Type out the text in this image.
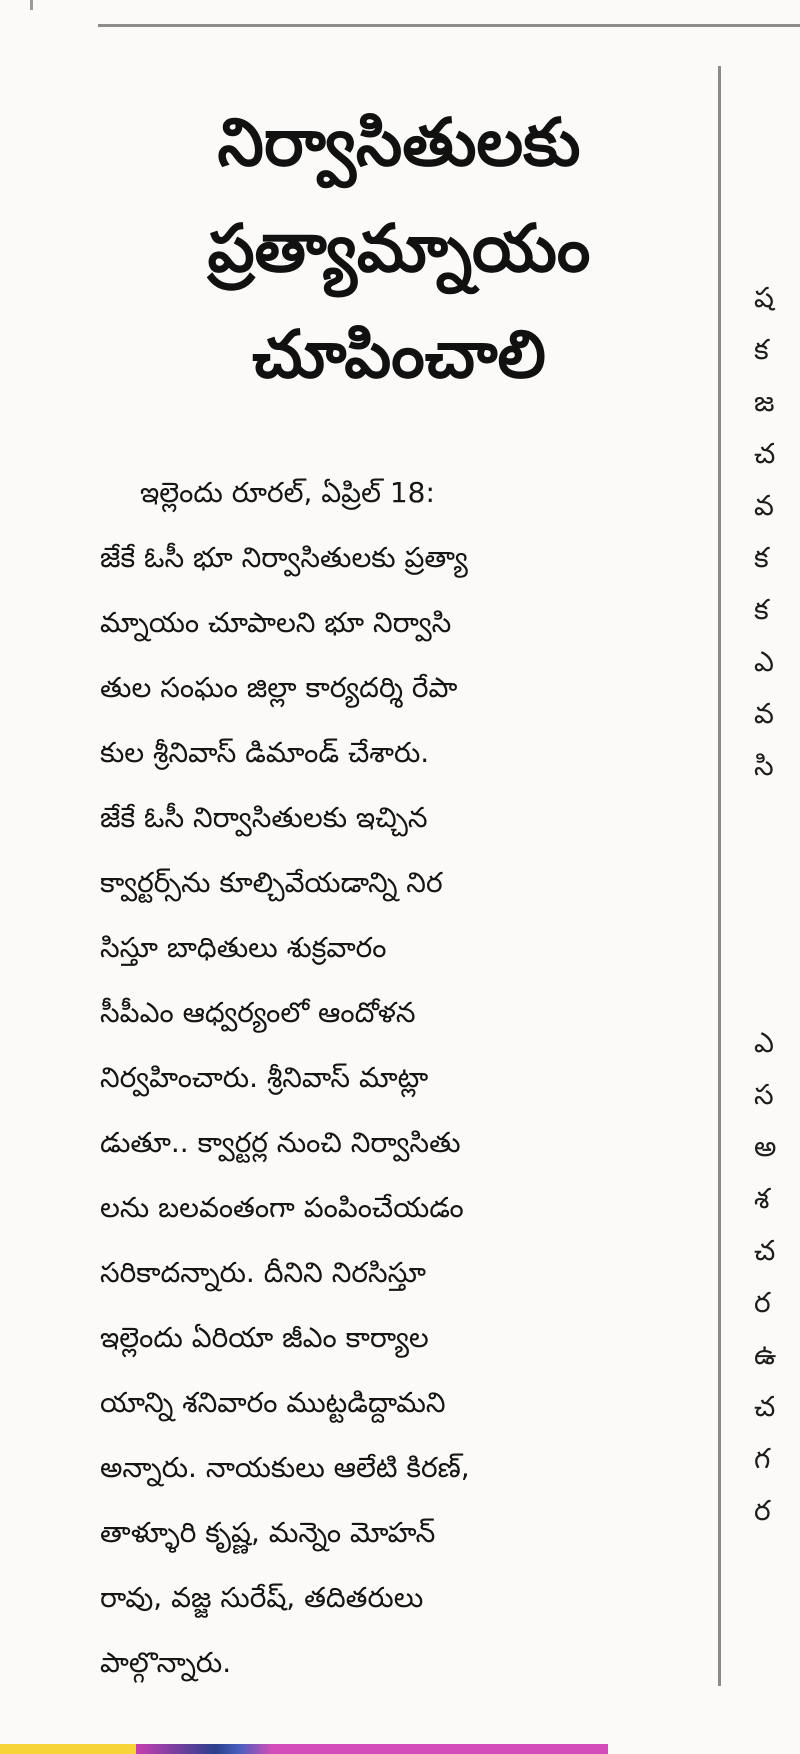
నిర్వాసితులకు
ప్రత్యామ్నాయం
చూపించాలి
ఇల్లెందు రూరల్, ఏప్రిల్ 18:
జేకే ఓసీ భూ నిర్వాసితులకు ప్రత్యా
మ్నాయం చూపాలని భూ నిర్వాసి
తుల సంఘం జిల్లా కార్యదర్శి రేపా
కుల శ్రీనివాస్ డిమాండ్ చేశారు.
జేకే ఓసీ నిర్వాసితులకు ఇచ్చిన
క్వార్టర్స్‌ను కూల్చివేయడాన్ని నిర
సిస్తూ బాధితులు శుక్రవారం
సీపీఎం ఆధ్వర్యంలో ఆందోళన
నిర్వహించారు. శ్రీనివాస్ మాట్లా
డుతూ.. క్వార్టర్ల నుంచి నిర్వాసితు
లను బలవంతంగా పంపించేయడం
సరికాదన్నారు. దీనిని నిరసిస్తూ
ఇల్లెందు ఏరియా జీఎం కార్యాల
యాన్ని శనివారం ముట్టడిద్దామని
అన్నారు. నాయకులు ఆలేటి కిరణ్,
తాళ్ళూరి కృష్ణ, మన్నెం మోహన్
రావు, వజ్జ సురేష్, తదితరులు
పాల్గొన్నారు.
ష
క
జ
చ
వ
క
క
ఎ
వ
సి
ఎ
స
అ
శ
చ
ర
ఉ
చ
గ
ర
